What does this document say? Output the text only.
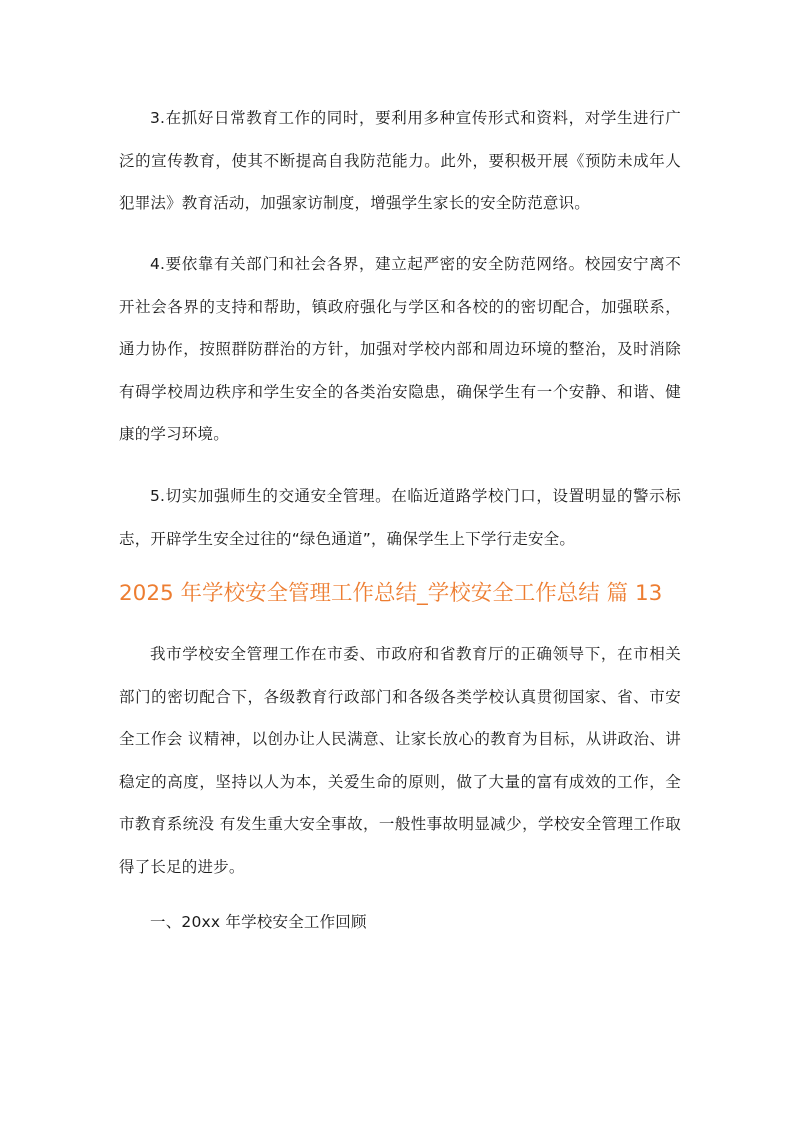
3.在抓好日常教育工作的同时，要利用多种宣传形式和资料，对学生进行广泛的宣传教育，使其不断提高自我防范能力。此外，要积极开展《预防未成年人犯罪法》教育活动，加强家访制度，增强学生家长的安全防范意识。

4.要依靠有关部门和社会各界，建立起严密的安全防范网络。校园安宁离不开社会各界的支持和帮助，镇政府强化与学区和各校的的密切配合，加强联系，通力协作，按照群防群治的方针，加强对学校内部和周边环境的整治，及时消除有碍学校周边秩序和学生安全的各类治安隐患，确保学生有一个安静、和谐、健康的学习环境。

5.切实加强师生的交通安全管理。在临近道路学校门口，设置明显的警示标志，开辟学生安全过往的“绿色通道”，确保学生上下学行走安全。

2025 年学校安全管理工作总结_学校安全工作总结 篇 13

我市学校安全管理工作在市委、市政府和省教育厅的正确领导下，在市相关部门的密切配合下，各级教育行政部门和各级各类学校认真贯彻国家、省、市安全工作会 议精神，以创办让人民满意、让家长放心的教育为目标，从讲政治、讲稳定的高度，坚持以人为本，关爱生命的原则，做了大量的富有成效的工作，全市教育系统没 有发生重大安全事故，一般性事故明显减少，学校安全管理工作取得了长足的进步。

一、20xx 年学校安全工作回顾
